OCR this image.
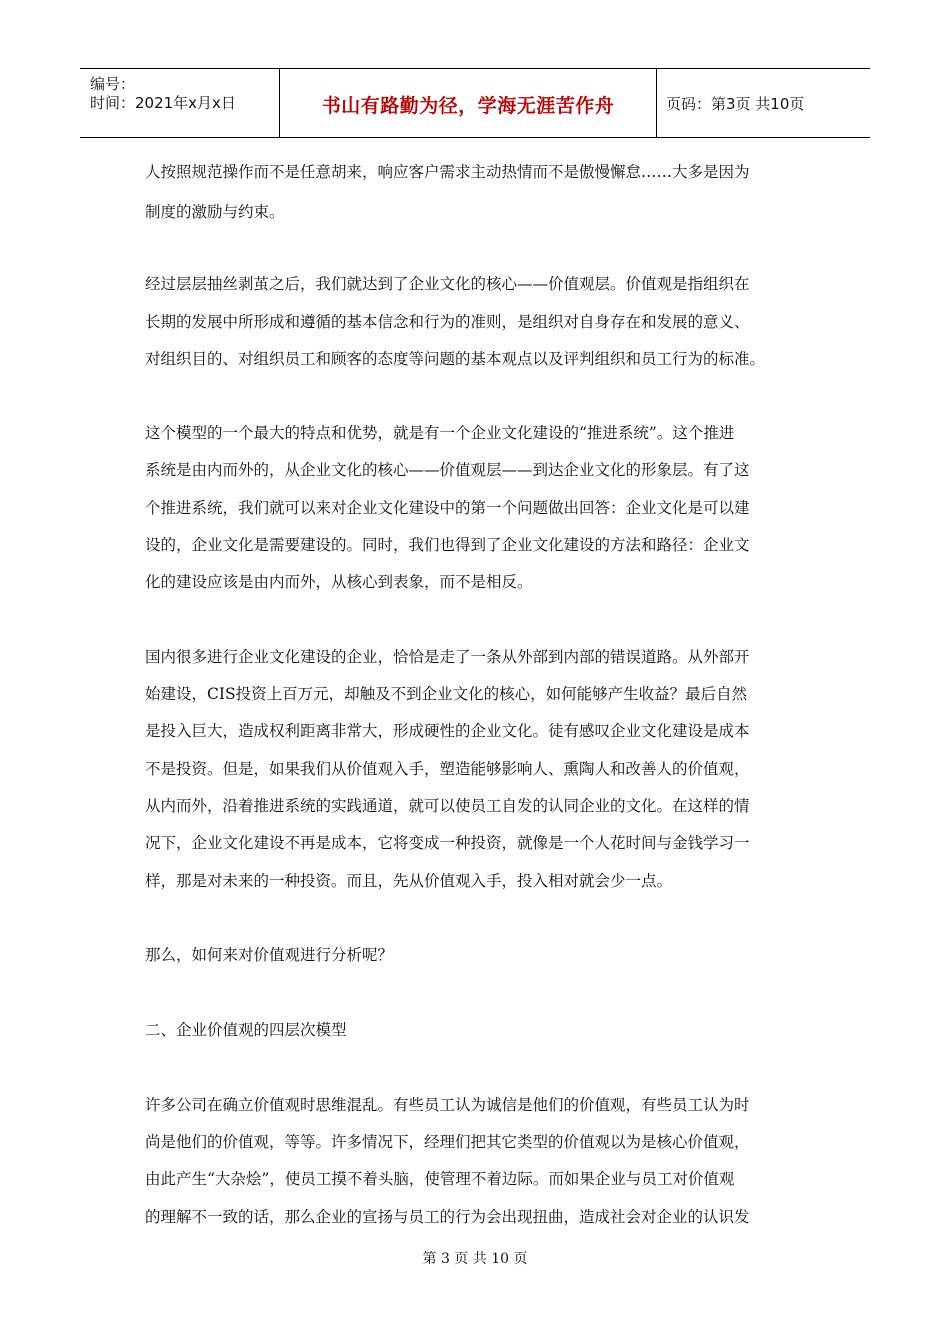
编号：
时间：2021年x月x日	书山有路勤为径，学海无涯苦作舟	页码：第3页 共10页
人按照规范操作而不是任意胡来，响应客户需求主动热情而不是傲慢懈怠……大多是因为
制度的激励与约束。
经过层层抽丝剥茧之后，我们就达到了企业文化的核心——价值观层。价值观是指组织在
长期的发展中所形成和遵循的基本信念和行为的准则，是组织对自身存在和发展的意义、
对组织目的、对组织员工和顾客的态度等问题的基本观点以及评判组织和员工行为的标准。
这个模型的一个最大的特点和优势，就是有一个企业文化建设的“推进系统”。这个推进
系统是由内而外的，从企业文化的核心——价值观层——到达企业文化的形象层。有了这
个推进系统，我们就可以来对企业文化建设中的第一个问题做出回答：企业文化是可以建
设的，企业文化是需要建设的。同时，我们也得到了企业文化建设的方法和路径：企业文
化的建设应该是由内而外，从核心到表象，而不是相反。
国内很多进行企业文化建设的企业，恰恰是走了一条从外部到内部的错误道路。从外部开
始建设，CIS投资上百万元，却触及不到企业文化的核心，如何能够产生收益？最后自然
是投入巨大，造成权利距离非常大，形成硬性的企业文化。徒有感叹企业文化建设是成本
不是投资。但是，如果我们从价值观入手，塑造能够影响人、熏陶人和改善人的价值观，
从内而外，沿着推进系统的实践通道，就可以使员工自发的认同企业的文化。在这样的情
况下，企业文化建设不再是成本，它将变成一种投资，就像是一个人花时间与金钱学习一
样，那是对未来的一种投资。而且，先从价值观入手，投入相对就会少一点。
那么，如何来对价值观进行分析呢？
二、企业价值观的四层次模型
许多公司在确立价值观时思维混乱。有些员工认为诚信是他们的价值观，有些员工认为时
尚是他们的价值观，等等。许多情况下，经理们把其它类型的价值观以为是核心价值观，
由此产生“大杂烩”，使员工摸不着头脑，使管理不着边际。而如果企业与员工对价值观
的理解不一致的话，那么企业的宣扬与员工的行为会出现扭曲，造成社会对企业的认识发
第 3 页 共 10 页
